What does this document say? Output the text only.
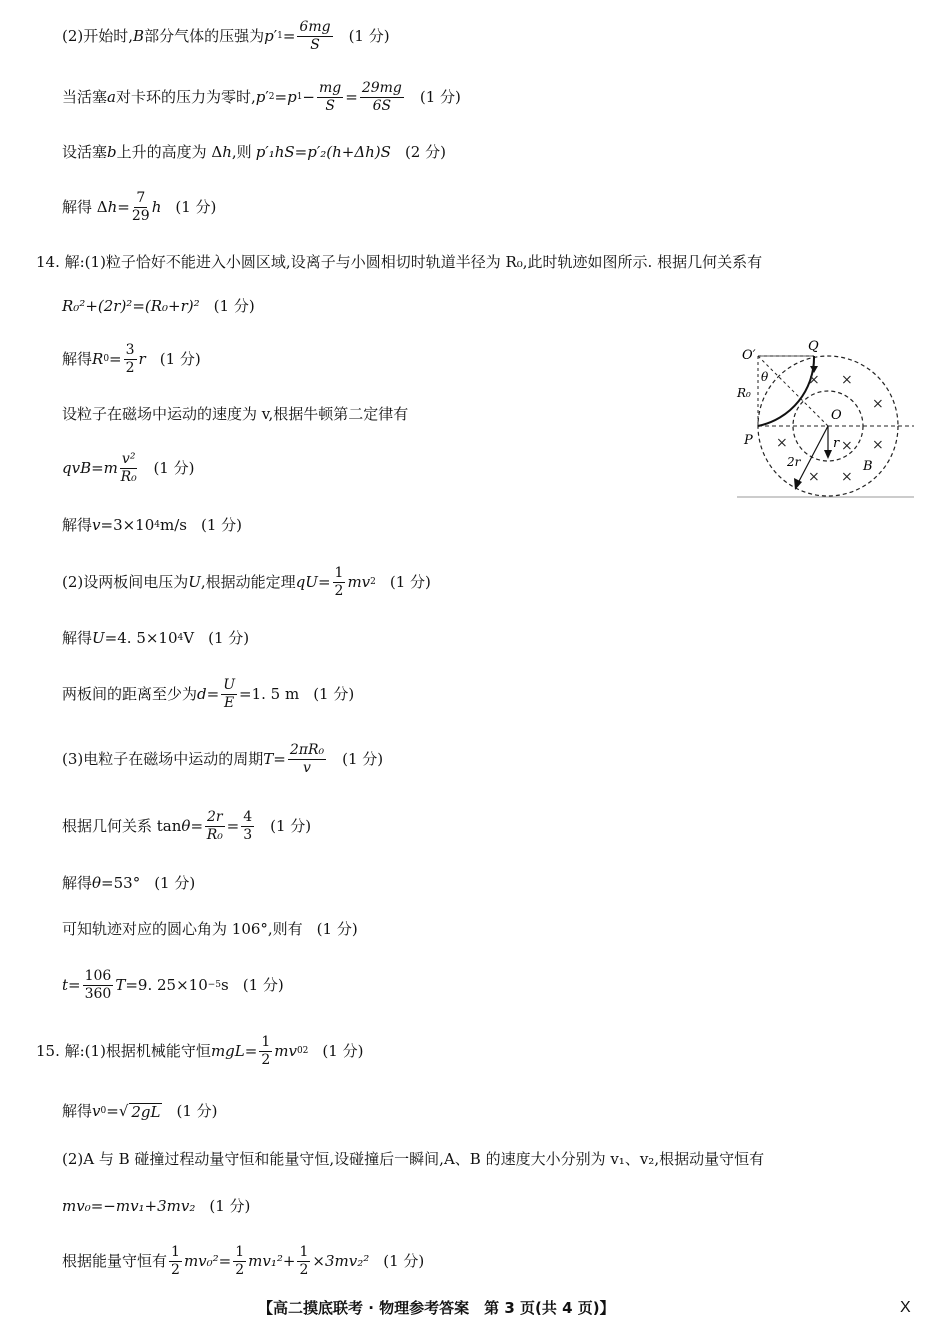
(2)开始时, B 部分气体的压强为 p ′ $1 = \frac{6mg}{S} (1$ 分)
当活塞 a 对卡环的压力为零时, p ′ 2 = p $1 - \frac{mg}{S} = \frac{29mg}{6S} (1$ 分)
设活塞 b 上升的高度为 Δ h ,则 p′₁hS=p′₂(h+Δh)S (2 分)
解得 Δ $h = \frac{7}{29}$ h (1 分)
14. 解:(1)粒子恰好不能进入小圆区域,设离子与小圆相切时轨道半径为 R₀,此时轨迹如图所示. 根据几何关系有
R₀²+(2r)²=(R₀+r)² (1 分)
解得 R $0 = \frac{3}{2}$ r (1 分)
设粒子在磁场中运动的速度为 v,根据牛顿第二定律有
$qvB=m \frac{\text{v²}}{\text{R₀}} (1$ 分)
解得 v =3×10 4 m/s (1 分)
(2)设两板间电压为 U ,根据动能定理 qU = $\frac{1}{2}$ mv 2 (1 分)
解得 U =4. 5×10 4 V (1 分)
两板间的距离至少为 $d = \frac{U}{E} =1$. 5 m (1 分)
(3)电粒子在磁场中运动的周期 $T = \frac{\text{2πR₀}}{v} (1$ 分)
根据几何关系 $\tan \theta = \frac{2r}{\text{R₀}} = \frac{4}{3} (1$ 分)
解得 θ =53° (1 分)
可知轨迹对应的圆心角为 106°,则有 (1 分)
$t = \frac{106}{360}$ T =9. 25×10 −5 s (1 分)
15. 解:(1)根据机械能守恒 mgL = $\frac{1}{2}$ mv 0 2 (1 分)
解得 v 0 = √ 2gL (1 分)
(2)A 与 B 碰撞过程动量守恒和能量守恒,设碰撞后一瞬间,A、B 的速度大小分别为 v₁、v₂,根据动量守恒有
mv₀=−mv₁+3mv₂ (1 分)
根据能量守恒有 $\frac{1}{2} mv_0^2 = \frac{1}{2} mv_1^2 + \frac{1}{2} \times 3mv_2^2$ (1 分)
O′
Q
θ
R₀
O
P	r
2r	B
× ×
×
×	× ×
× ×
【高二摸底联考 · 物理参考答案　第 3 页(共 4 页)】	X
